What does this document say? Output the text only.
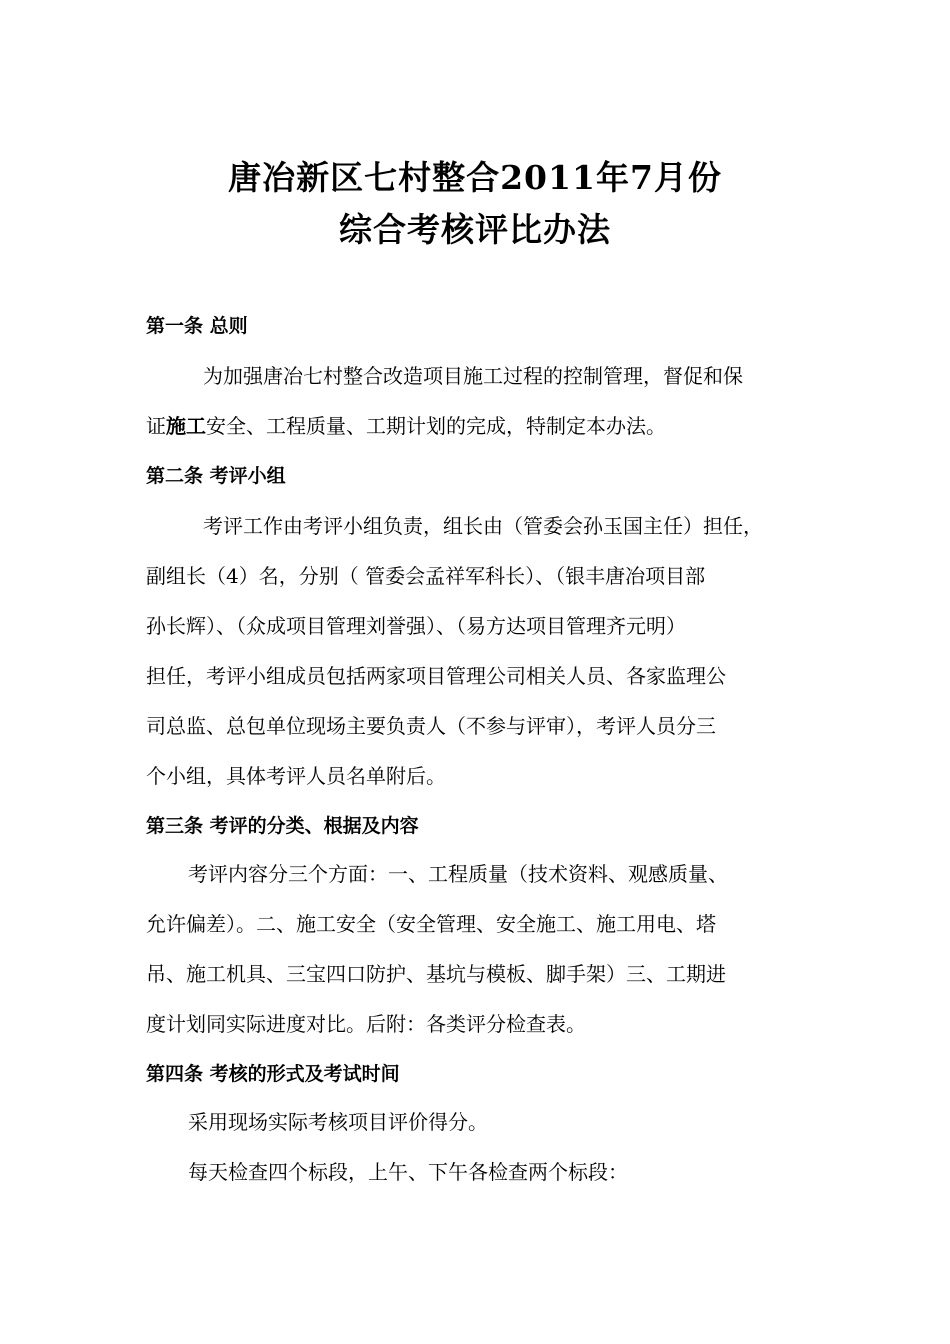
唐冶新区七村整合2011年7月份
综合考核评比办法
第一条 总则
为加强唐冶七村整合改造项目施工过程的控制管理，督促和保
证施工安全、工程质量、工期计划的完成，特制定本办法。
第二条 考评小组
考评工作由考评小组负责，组长由（管委会孙玉国主任）担任，
副组长（4）名，分别（ 管委会孟祥军科长）、（银丰唐冶项目部
孙长辉）、（众成项目管理刘誉强）、（易方达项目管理齐元明）
担任，考评小组成员包括两家项目管理公司相关人员、各家监理公
司总监、总包单位现场主要负责人（不参与评审），考评人员分三
个小组，具体考评人员名单附后。
第三条 考评的分类、根据及内容
考评内容分三个方面：一、工程质量（技术资料、观感质量、
允许偏差）。二、施工安全（安全管理、安全施工、施工用电、塔
吊、施工机具、三宝四口防护、基坑与模板、脚手架）三、工期进
度计划同实际进度对比。后附：各类评分检查表。
第四条 考核的形式及考试时间
采用现场实际考核项目评价得分。
每天检查四个标段，上午、下午各检查两个标段：
